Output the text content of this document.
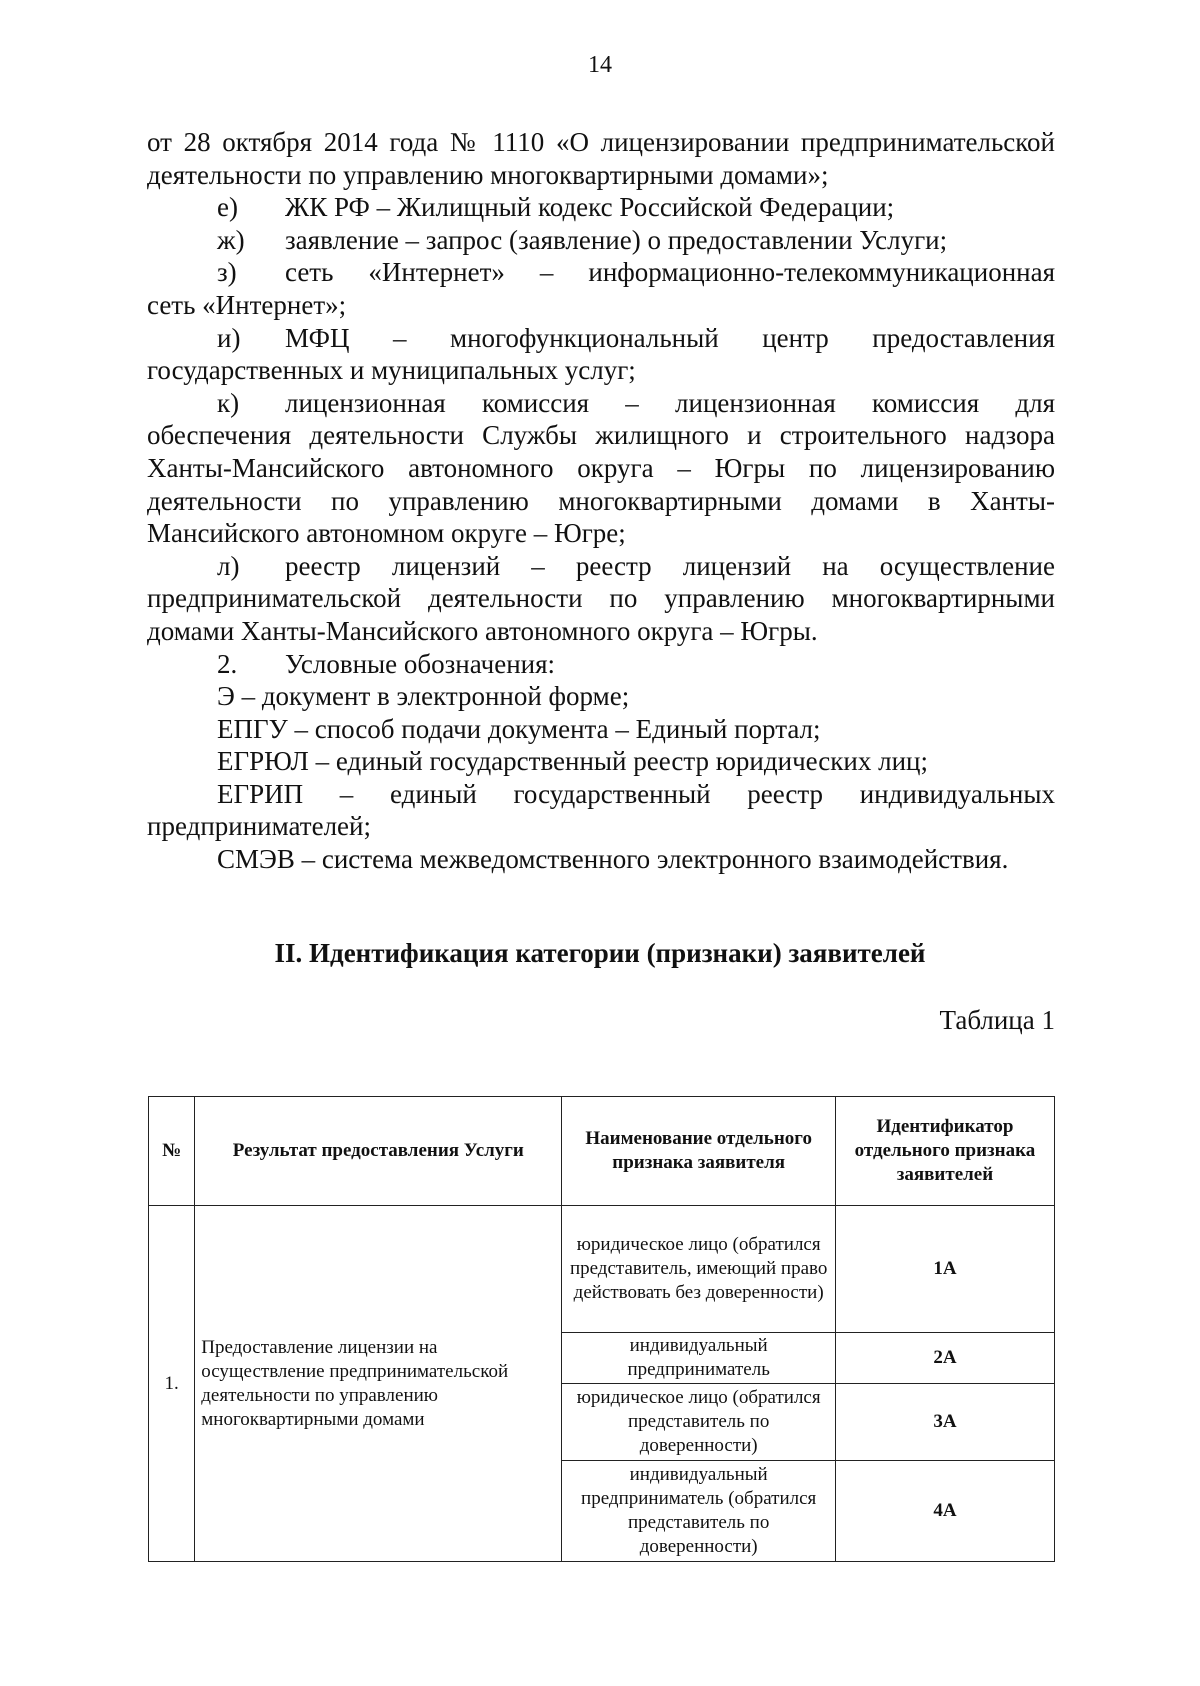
14

от 28 октября 2014 года № 1110 «О лицензировании предпринимательской

деятельности по управлению многоквартирными домами»;

е)	ЖК РФ – Жилищный кодекс Российской Федерации;

ж)	заявление – запрос (заявление) о предоставлении Услуги;

з)	сеть «Интернет» – информационно-телекоммуникационная

сеть «Интернет»;

и)	МФЦ – многофункциональный центр предоставления

государственных и муниципальных услуг;

к)	лицензионная комиссия – лицензионная комиссия для

обеспечения деятельности Службы жилищного и строительного надзора Ханты-Мансийского автономного округа – Югры по лицензированию деятельности по управлению многоквартирными домами в Ханты-Мансийского автономном округе – Югре;

л)	реестр лицензий – реестр лицензий на осуществление

предпринимательской деятельности по управлению многоквартирными домами Ханты-Мансийского автономного округа – Югры.

2.	Условные обозначения:

Э – документ в электронной форме;

ЕПГУ – способ подачи документа – Единый портал;

ЕГРЮЛ – единый государственный реестр юридических лиц;

ЕГРИП – единый государственный реестр индивидуальных

предпринимателей;

СМЭВ – система межведомственного электронного взаимодействия.

II. Идентификация категории (признаки) заявителей
Таблица 1
№	Результат предоставления Услуги	Наименование отдельного признака заявителя	Идентификатор отдельного признака заявителей
1.	Предоставление лицензии на осуществление предпринимательской деятельности по управлению многоквартирными домами	юридическое лицо (обратился представитель, имеющий право действовать без доверенности)	1А
		индивидуальный предприниматель	2А
		юридическое лицо (обратился представитель по доверенности)	3А
		индивидуальный предприниматель (обратился представитель по доверенности)	4А
